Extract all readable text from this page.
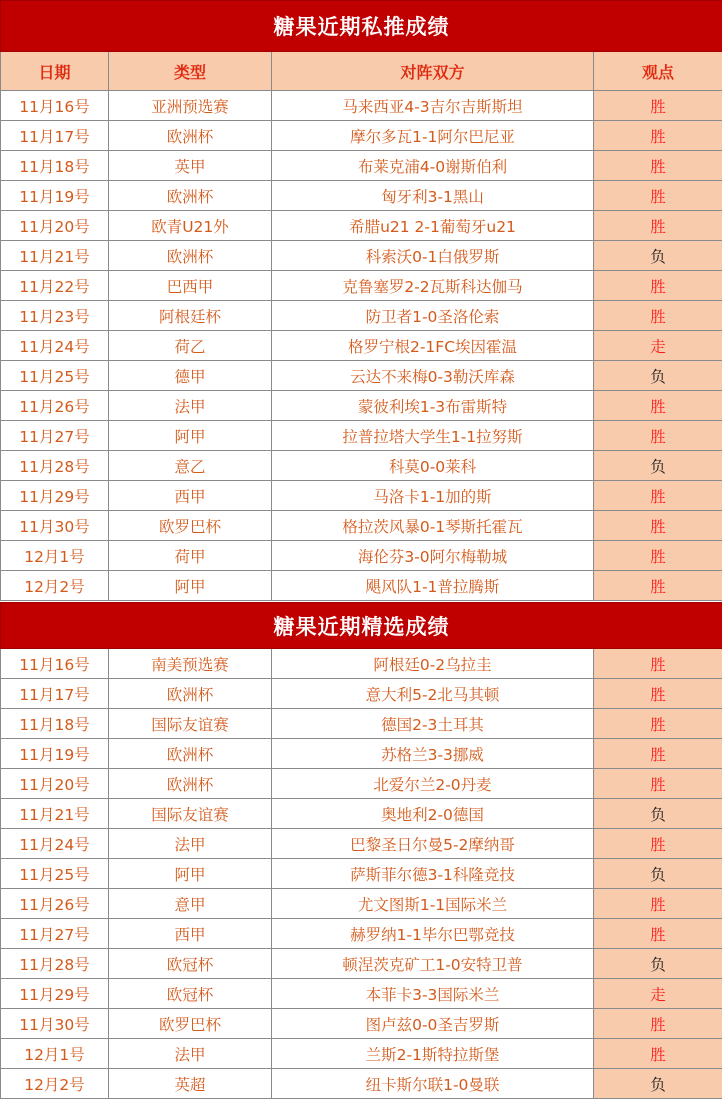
糖果近期私推成绩			
日期	类型	对阵双方	观点
11月16号	亚洲预选赛	马来西亚4-3吉尔吉斯斯坦	胜
11月17号	欧洲杯	摩尔多瓦1-1阿尔巴尼亚	胜
11月18号	英甲	布莱克浦4-0谢斯伯利	胜
11月19号	欧洲杯	匈牙利3-1黑山	胜
11月20号	欧青U21外	希腊u21 2-1葡萄牙u21	胜
11月21号	欧洲杯	科索沃0-1白俄罗斯	负
11月22号	巴西甲	克鲁塞罗2-2瓦斯科达伽马	胜
11月23号	阿根廷杯	防卫者1-0圣洛伦索	胜
11月24号	荷乙	格罗宁根2-1FC埃因霍温	走
11月25号	德甲	云达不来梅0-3勒沃库森	负
11月26号	法甲	蒙彼利埃1-3布雷斯特	胜
11月27号	阿甲	拉普拉塔大学生1-1拉努斯	胜
11月28号	意乙	科莫0-0莱科	负
11月29号	西甲	马洛卡1-1加的斯	胜
11月30号	欧罗巴杯	格拉茨风暴0-1琴斯托霍瓦	胜
12月1号	荷甲	海伦芬3-0阿尔梅勒城	胜
12月2号	阿甲	飓风队1-1普拉腾斯	胜
糖果近期精选成绩			
11月16号	南美预选赛	阿根廷0-2乌拉圭	胜
11月17号	欧洲杯	意大利5-2北马其顿	胜
11月18号	国际友谊赛	德国2-3土耳其	胜
11月19号	欧洲杯	苏格兰3-3挪威	胜
11月20号	欧洲杯	北爱尔兰2-0丹麦	胜
11月21号	国际友谊赛	奥地利2-0德国	负
11月24号	法甲	巴黎圣日尔曼5-2摩纳哥	胜
11月25号	阿甲	萨斯菲尔德3-1科隆竞技	负
11月26号	意甲	尤文图斯1-1国际米兰	胜
11月27号	西甲	赫罗纳1-1毕尔巴鄂竞技	胜
11月28号	欧冠杯	顿涅茨克矿工1-0安特卫普	负
11月29号	欧冠杯	本菲卡3-3国际米兰	走
11月30号	欧罗巴杯	图卢兹0-0圣吉罗斯	胜
12月1号	法甲	兰斯2-1斯特拉斯堡	胜
12月2号	英超	纽卡斯尔联1-0曼联	负
